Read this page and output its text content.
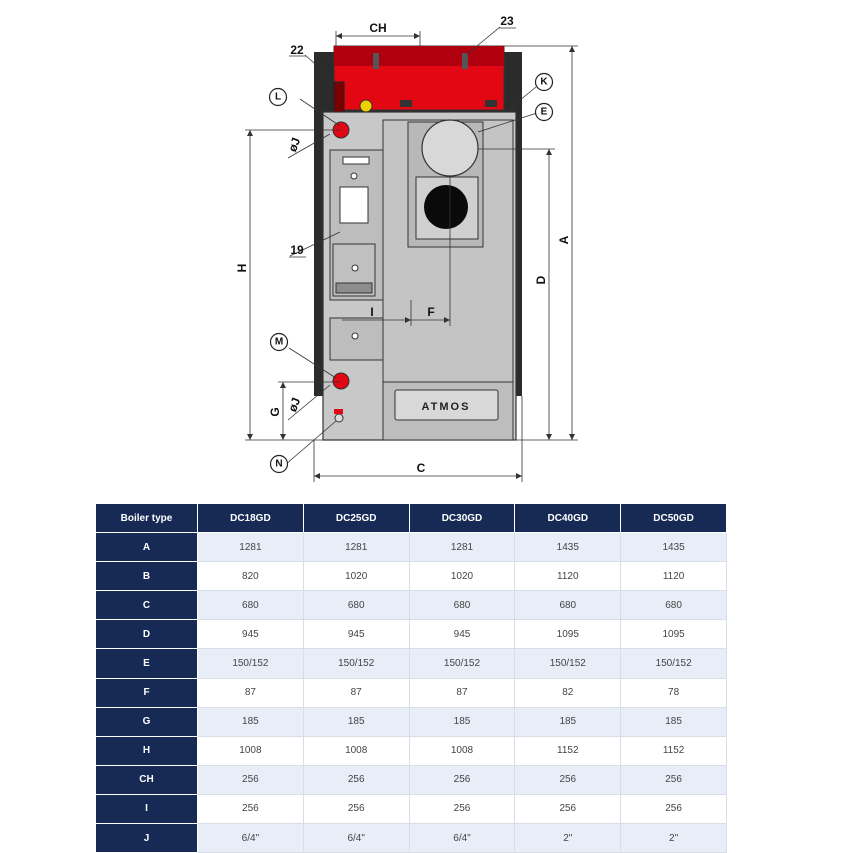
ATMOS
CH
A
D
H
G
C
I	F
øJ
øJ
22
23
19
L
K
E
M
N
Boiler type	DC18GD	DC25GD	DC30GD	DC40GD	DC50GD
A	1281	1281	1281	1435	1435
B	820	1020	1020	1120	1120
C	680	680	680	680	680
D	945	945	945	1095	1095
E	150/152	150/152	150/152	150/152	150/152
F	87	87	87	82	78
G	185	185	185	185	185
H	1008	1008	1008	1152	1152
CH	256	256	256	256	256
I	256	256	256	256	256
J	6/4"	6/4"	6/4"	2"	2"
